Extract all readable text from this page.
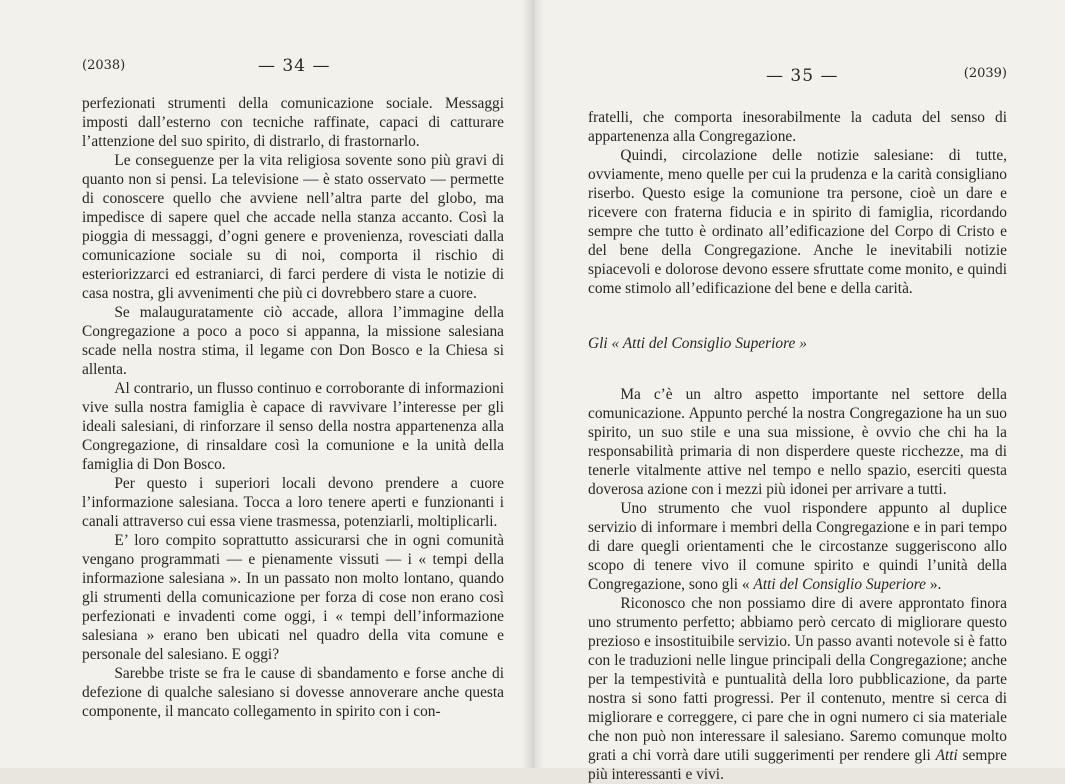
(2038)	— 34 —

perfezionati strumenti della comunicazione sociale. Messaggi imposti dall’esterno con tecniche raffinate, capaci di catturare l’attenzione del suo spirito, di distrarlo, di frastornarlo.

Le conseguenze per la vita religiosa sovente sono più gravi di quanto non si pensi. La televisione — è stato osservato — permette di conoscere quello che avviene nell’altra parte del globo, ma impedisce di sapere quel che accade nella stanza accanto. Così la pioggia di messaggi, d’ogni genere e provenienza, rovesciati dalla comunicazione sociale su di noi, comporta il rischio di esteriorizzarci ed estraniarci, di farci perdere di vista le notizie di casa nostra, gli avvenimenti che più ci dovrebbero stare a cuore.

Se malauguratamente ciò accade, allora l’immagine della Congregazione a poco a poco si appanna, la missione salesiana scade nella nostra stima, il legame con Don Bosco e la Chiesa si allenta.

Al contrario, un flusso continuo e corroborante di informazioni vive sulla nostra famiglia è capace di ravvivare l’interesse per gli ideali salesiani, di rinforzare il senso della nostra appartenenza alla Congregazione, di rinsaldare così la comunione e la unità della famiglia di Don Bosco.

Per questo i superiori locali devono prendere a cuore l’informazione salesiana. Tocca a loro tenere aperti e funzionanti i canali attraverso cui essa viene trasmessa, potenziarli, moltiplicarli.

E’ loro compito soprattutto assicurarsi che in ogni comunità vengano programmati — e pienamente vissuti — i « tempi della informazione salesiana ». In un passato non molto lontano, quando gli strumenti della comunicazione per forza di cose non erano così perfezionati e invadenti come oggi, i « tempi dell’informazione salesiana » erano ben ubicati nel quadro della vita comune e personale del salesiano. E oggi?

Sarebbe triste se fra le cause di sbandamento e forse anche di defezione di qualche salesiano si dovesse annoverare anche questa componente, il mancato collegamento in spirito con i con-

— 35 —	(2039)

fratelli, che comporta inesorabilmente la caduta del senso di appartenenza alla Congregazione.

Quindi, circolazione delle notizie salesiane: di tutte, ovviamente, meno quelle per cui la prudenza e la carità consigliano riserbo. Questo esige la comunione tra persone, cioè un dare e ricevere con fraterna fiducia e in spirito di famiglia, ricordando sempre che tutto è ordinato all’edificazione del Corpo di Cristo e del bene della Congregazione. Anche le inevitabili notizie spiacevoli e dolorose devono essere sfruttate come monito, e quindi come stimolo all’edificazione del bene e della carità.

Gli « Atti del Consiglio Superiore »

Ma c’è un altro aspetto importante nel settore della comunicazione. Appunto perché la nostra Congregazione ha un suo spirito, un suo stile e una sua missione, è ovvio che chi ha la responsabilità primaria di non disperdere queste ricchezze, ma di tenerle vitalmente attive nel tempo e nello spazio, eserciti questa doverosa azione con i mezzi più idonei per arrivare a tutti.

Uno strumento che vuol rispondere appunto al duplice servizio di informare i membri della Congregazione e in pari tempo di dare quegli orientamenti che le circostanze suggeriscono allo scopo di tenere vivo il comune spirito e quindi l’unità della Congregazione, sono gli « Atti del Consiglio Superiore ».

Riconosco che non possiamo dire di avere approntato finora uno strumento perfetto; abbiamo però cercato di migliorare questo prezioso e insostituibile servizio. Un passo avanti notevole si è fatto con le traduzioni nelle lingue principali della Congregazione; anche per la tempestività e puntualità della loro pubblicazione, da parte nostra si sono fatti progressi. Per il contenuto, mentre si cerca di migliorare e correggere, ci pare che in ogni numero ci sia materiale che non può non interessare il salesiano. Saremo comunque molto grati a chi vorrà dare utili suggerimenti per rendere gli Atti sempre più interessanti e vivi.
